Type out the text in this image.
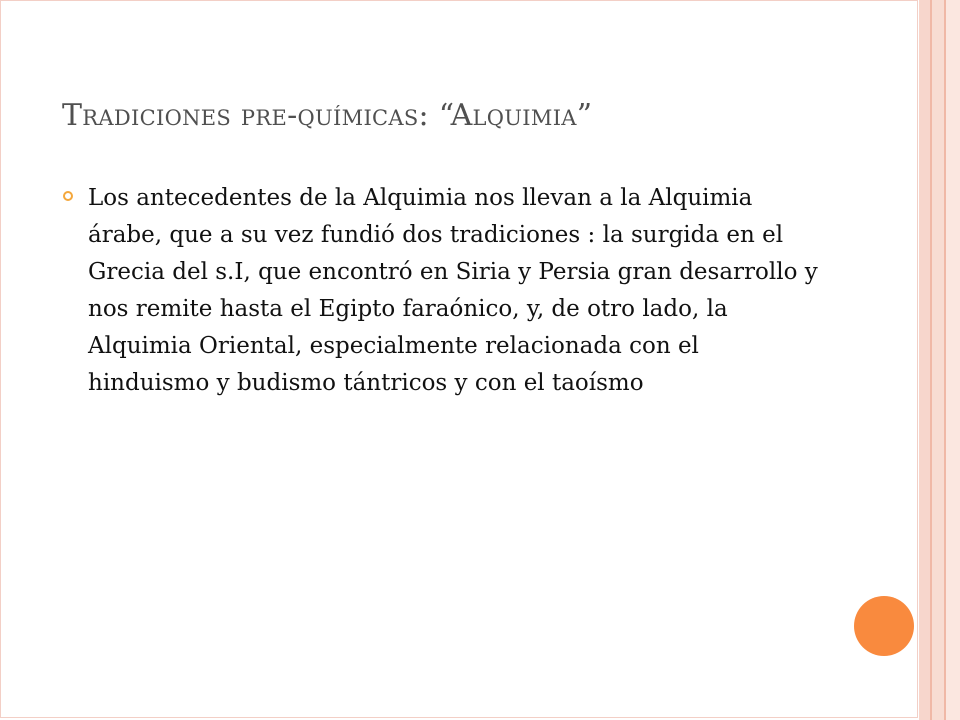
Tradiciones pre-químicas: “Alquimia”
Los antecedentes de la Alquimia nos llevan a la Alquimia árabe, que a su vez fundió dos tradiciones : la surgida en el Grecia del s.I, que encontró en Siria y Persia gran desarrollo y nos remite hasta el Egipto faraónico, y, de otro lado, la Alquimia Oriental, especialmente relacionada con el hinduismo y budismo tántricos y con el taoísmo
